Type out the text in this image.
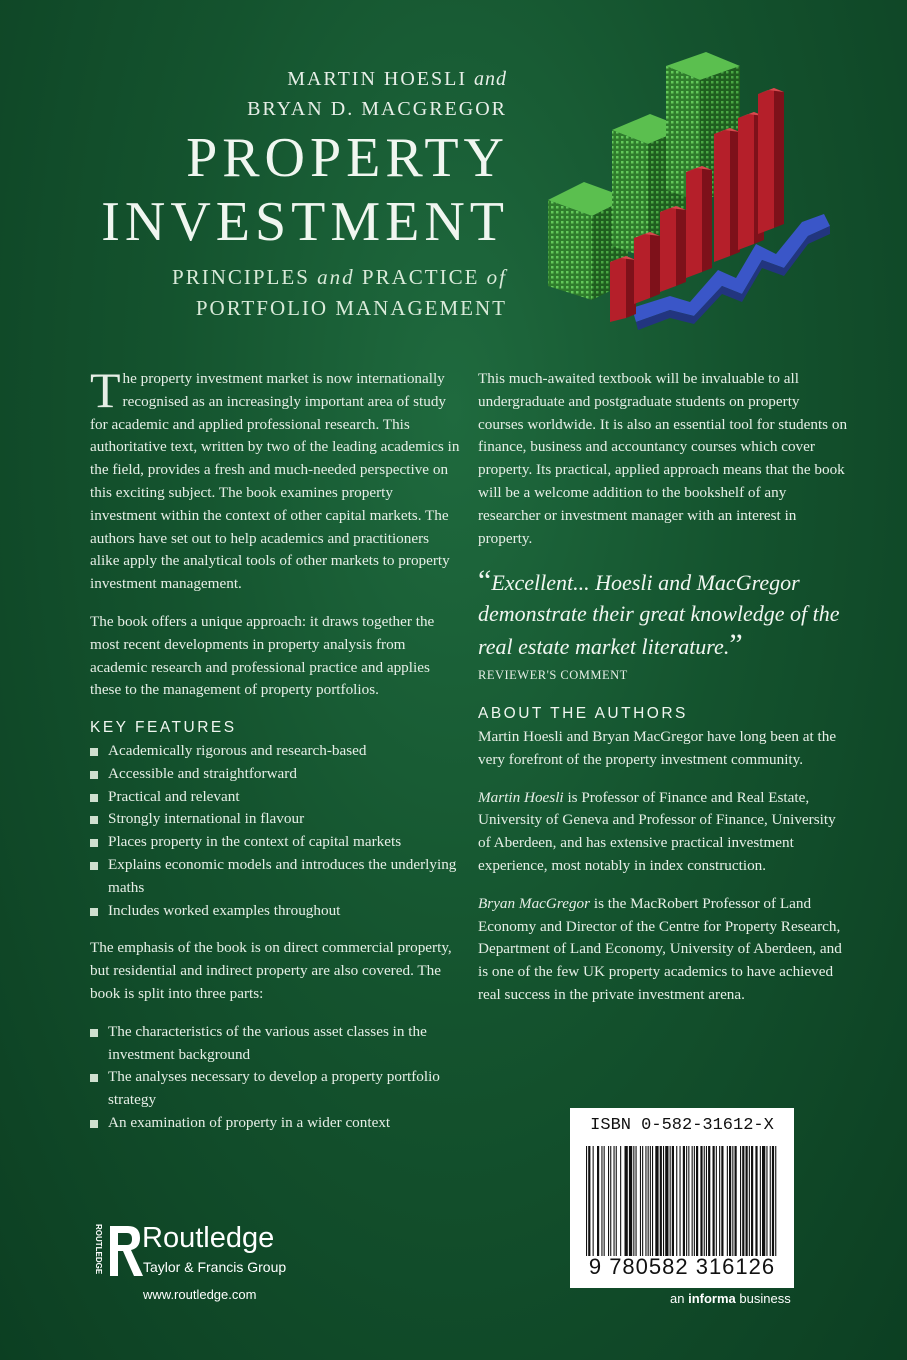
MARTIN HOESLI and
BRYAN D. MACGREGOR
PROPERTY
INVESTMENT
PRINCIPLES and PRACTICE of
PORTFOLIO MANAGEMENT

The property investment market is now internationally recognised as an increasingly important area of study for academic and applied professional research. This authoritative text, written by two of the leading academics in the field, provides a fresh and much-needed perspective on this exciting subject. The book examines property investment within the context of other capital markets. The authors have set out to help academics and practitioners alike apply the analytical tools of other markets to property investment management.

The book offers a unique approach: it draws together the most recent developments in property analysis from academic research and professional practice and applies these to the management of property portfolios.

KEY FEATURES
Academically rigorous and research-based
Accessible and straightforward
Practical and relevant
Strongly international in flavour
Places property in the context of capital markets
Explains economic models and introduces the underlying maths
Includes worked examples throughout

The emphasis of the book is on direct commercial property, but residential and indirect property are also covered. The book is split into three parts:

The characteristics of the various asset classes in the investment background
The analyses necessary to develop a property portfolio strategy
An examination of property in a wider context

This much-awaited textbook will be invaluable to all undergraduate and postgraduate students on property courses worldwide. It is also an essential tool for students on finance, business and accountancy courses which cover property. Its practical, applied approach means that the book will be a welcome addition to the bookshelf of any researcher or investment manager with an interest in property.

“Excellent... Hoesli and MacGregor demonstrate their great knowledge of the real estate market literature.”
REVIEWER'S COMMENT
ABOUT THE AUTHORS

Martin Hoesli and Bryan MacGregor have long been at the very forefront of the property investment community.

Martin Hoesli is Professor of Finance and Real Estate, University of Geneva and Professor of Finance, University of Aberdeen, and has extensive practical investment experience, most notably in index construction.

Bryan MacGregor is the MacRobert Professor of Land Economy and Director of the Centre for Property Research, Department of Land Economy, University of Aberdeen, and is one of the few UK property academics to have achieved real success in the private investment arena.

ISBN 0-582-31612-X
9 780582 316126
an informa business
ROUTLEDGE Routledge
Taylor & Francis Group
www.routledge.com
